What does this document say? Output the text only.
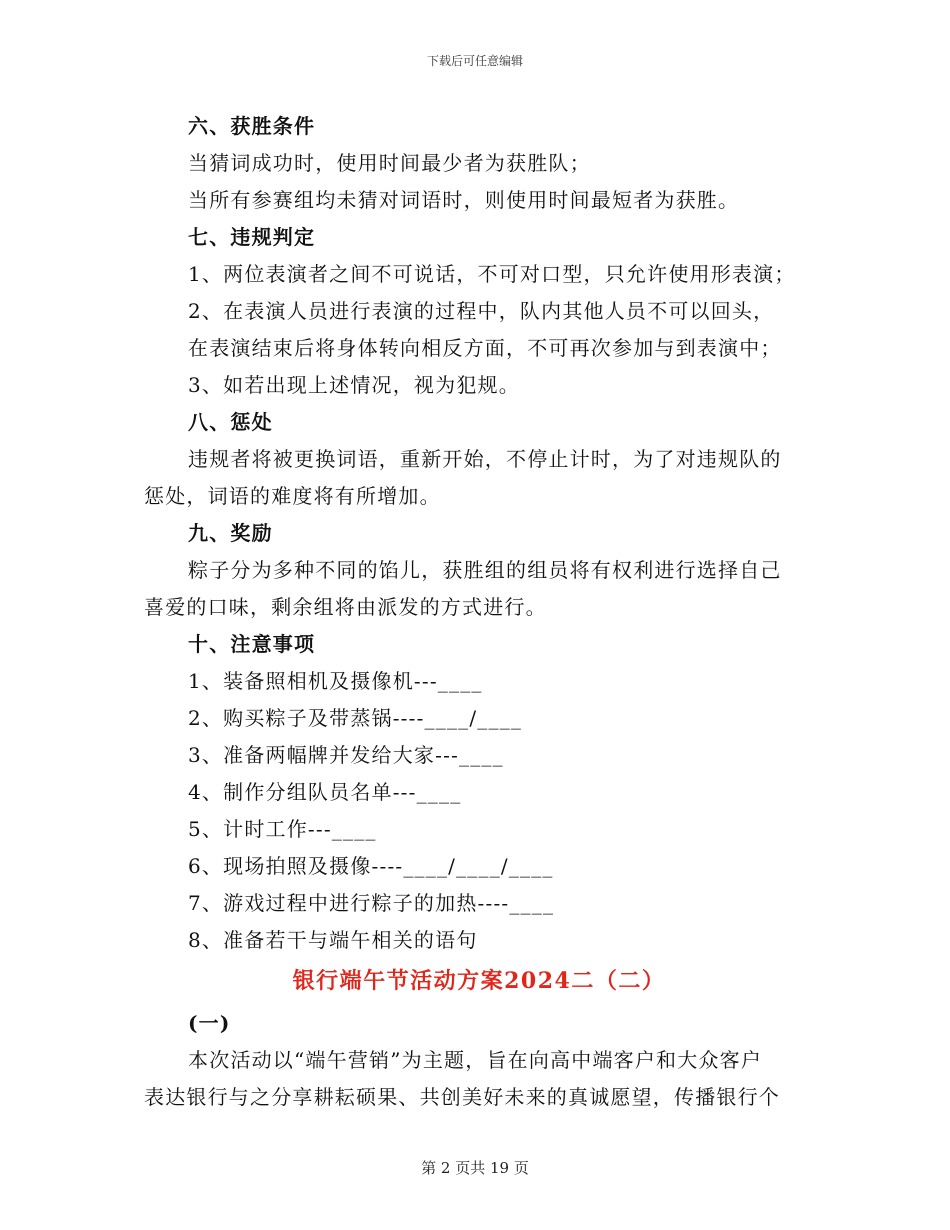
下载后可任意编辑
六、获胜条件
当猜词成功时，使用时间最少者为获胜队；
当所有参赛组均未猜对词语时，则使用时间最短者为获胜。
七、违规判定
1、两位表演者之间不可说话，不可对口型，只允许使用形表演；
2、在表演人员进行表演的过程中，队内其他人员不可以回头，
在表演结束后将身体转向相反方面，不可再次参加与到表演中；
3、如若出现上述情况，视为犯规。
八、惩处
违规者将被更换词语，重新开始，不停止计时，为了对违规队的
惩处，词语的难度将有所增加。
九、奖励
粽子分为多种不同的馅儿，获胜组的组员将有权利进行选择自己
喜爱的口味，剩余组将由派发的方式进行。
十、注意事项
1、装备照相机及摄像机---____
2、购买粽子及带蒸锅----____/____
3、准备两幅牌并发给大家---____
4、制作分组队员名单---____
5、计时工作---____
6、现场拍照及摄像----____/____/____
7、游戏过程中进行粽子的加热----____
8、准备若干与端午相关的语句
银行端午节活动方案2024二（二）
(一)
本次活动以“端午营销”为主题，旨在向高中端客户和大众客户
表达银行与之分享耕耘硕果、共创美好未来的真诚愿望，传播银行个
第 2 页共 19 页
